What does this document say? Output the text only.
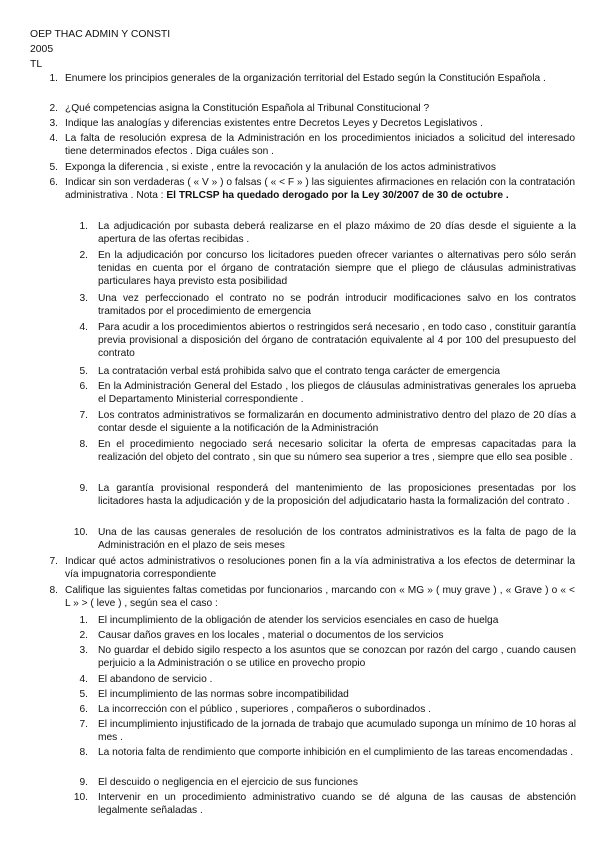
OEP THAC ADMIN Y CONSTI
2005
TL
1. Enumere los principios generales de la organización territorial del Estado según la Constitución Española .
2. ¿Qué competencias asigna la Constitución Española al Tribunal Constitucional ?
3. Indique las analogías y diferencias existentes entre Decretos Leyes y Decretos Legislativos .
4. La falta de resolución expresa de la Administración en los procedimientos iniciados a solicitud del interesado tiene determinados efectos . Diga cuáles son .
5. Exponga la diferencia , si existe , entre la revocación y la anulación de los actos administrativos
6. Indicar sin son verdaderas ( « V » ) o falsas ( « < F » ) las siguientes afirmaciones en relación con la contratación administrativa . Nota : El TRLCSP ha quedado derogado por la Ley 30/2007 de 30 de octubre .
1. La adjudicación por subasta deberá realizarse en el plazo máximo de 20 días desde el siguiente a la apertura de las ofertas recibidas .
2. En la adjudicación por concurso los licitadores pueden ofrecer variantes o alternativas pero sólo serán tenidas en cuenta por el órgano de contratación siempre que el pliego de cláusulas administrativas particulares haya previsto esta posibilidad
3. Una vez perfeccionado el contrato no se podrán introducir modificaciones salvo en los contratos tramitados por el procedimiento de emergencia
4. Para acudir a los procedimientos abiertos o restringidos será necesario , en todo caso , constituir garantía previa provisional a disposición del órgano de contratación equivalente al 4 por 100 del presupuesto del contrato
5. La contratación verbal está prohibida salvo que el contrato tenga carácter de emergencia
6. En la Administración General del Estado , los pliegos de cláusulas administrativas generales los aprueba el Departamento Ministerial correspondiente .
7. Los contratos administrativos se formalizarán en documento administrativo dentro del plazo de 20 días a contar desde el siguiente a la notificación de la Administración
8. En el procedimiento negociado será necesario solicitar la oferta de empresas capacitadas para la realización del objeto del contrato , sin que su número sea superior a tres , siempre que ello sea posible .
9. La garantía provisional responderá del mantenimiento de las proposiciones presentadas por los licitadores hasta la adjudicación y de la proposición del adjudicatario hasta la formalización del contrato .
10. Una de las causas generales de resolución de los contratos administrativos es la falta de pago de la Administración en el plazo de seis meses
7. Indicar qué actos administrativos o resoluciones ponen fin a la vía administrativa a los efectos de determinar la vía impugnatoria correspondiente
8. Califique las siguientes faltas cometidas por funcionarios , marcando con « MG » ( muy grave ) , « Grave ) o « < L » > ( leve ) , según sea el caso :
1. El incumplimiento de la obligación de atender los servicios esenciales en caso de huelga
2. Causar daños graves en los locales , material o documentos de los servicios
3. No guardar el debido sigilo respecto a los asuntos que se conozcan por razón del cargo , cuando causen perjuicio a la Administración o se utilice en provecho propio
4. El abandono de servicio .
5. El incumplimiento de las normas sobre incompatibilidad
6. La incorrección con el público , superiores , compañeros o subordinados .
7. El incumplimiento injustificado de la jornada de trabajo que acumulado suponga un mínimo de 10 horas al mes .
8. La notoria falta de rendimiento que comporte inhibición en el cumplimiento de las tareas encomendadas .
9. El descuido o negligencia en el ejercicio de sus funciones
10. Intervenir en un procedimiento administrativo cuando se dé alguna de las causas de abstención legalmente señaladas .
